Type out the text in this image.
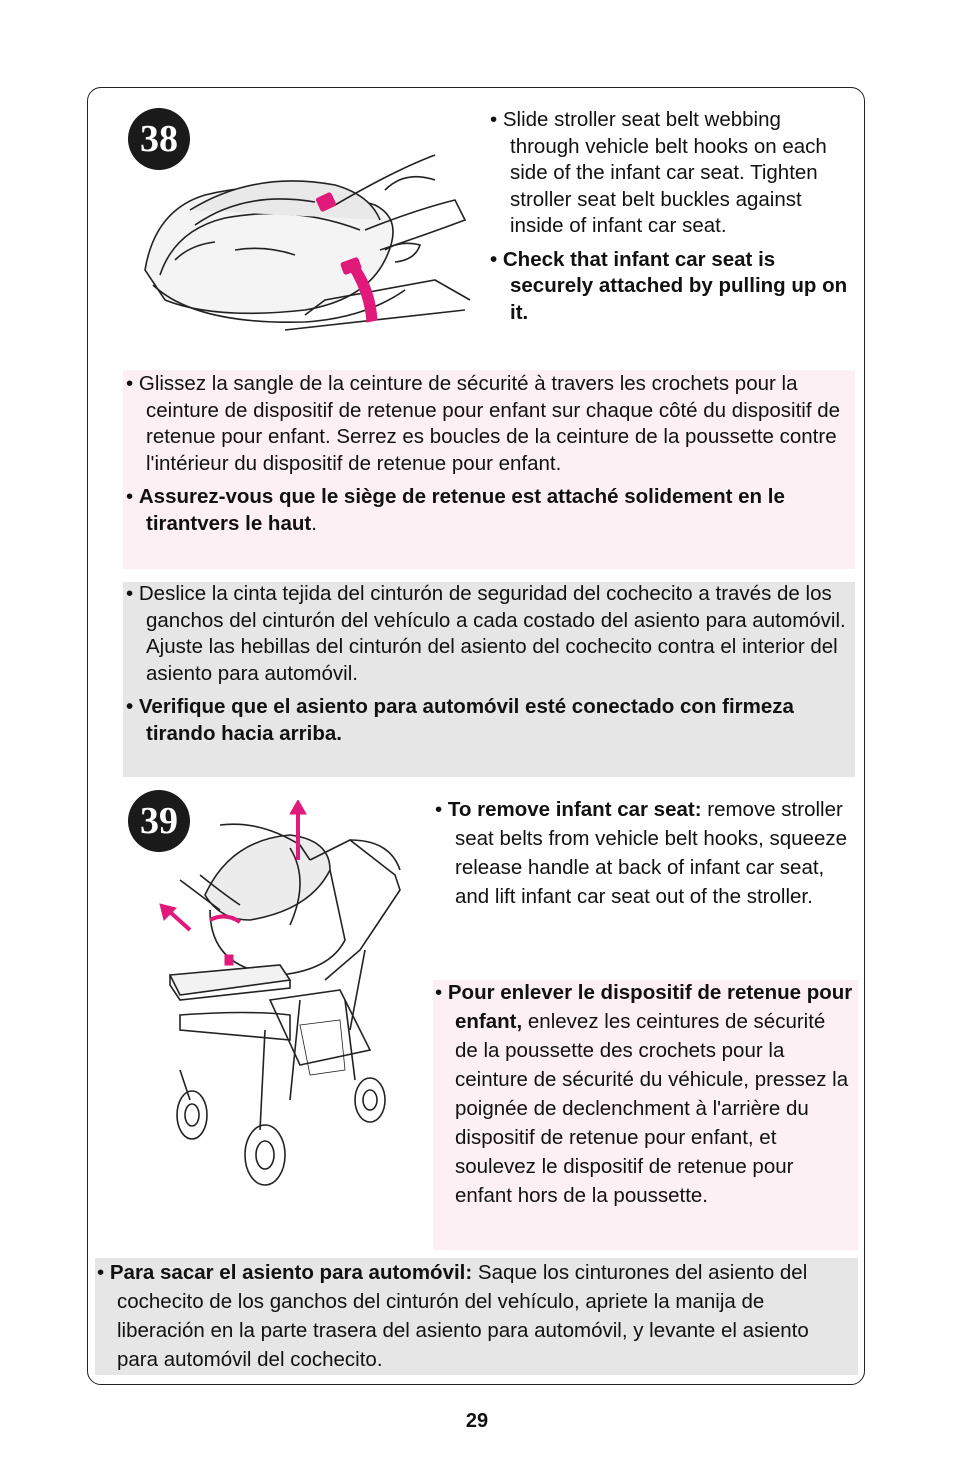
38	• Slide stroller seat belt webbing through vehicle belt hooks on each side of the infant car seat. Tighten stroller seat belt buckles against inside of infant car seat.

• Check that infant car seat is securely attached by pulling up on it.

• Glissez la sangle de la ceinture de sécurité à travers les crochets pour la ceinture de dispositif de retenue pour enfant sur chaque côté du dispositif de retenue pour enfant. Serrez es boucles de la ceinture de la poussette contre l'intérieur du dispositif de retenue pour enfant.

• Assurez-vous que le siège de retenue est attaché solidement en le tirantvers le haut.

• Deslice la cinta tejida del cinturón de seguridad del cochecito a través de los ganchos del cinturón del vehículo a cada costado del asiento para automóvil. Ajuste las hebillas del cinturón del asiento del cochecito contra el interior del asiento para automóvil.

• Verifique que el asiento para automóvil esté conectado con firmeza tirando hacia arriba.

39	• To remove infant car seat: remove stroller seat belts from vehicle belt hooks, squeeze release handle at back of infant car seat, and lift infant car seat out of the stroller.

• Pour enlever le dispositif de retenue pour enfant, enlevez les ceintures de sécurité de la poussette des crochets pour la ceinture de sécurité du véhicule, pressez la poignée de declenchment à l'arrière du dispositif de retenue pour enfant, et soulevez le dispositif de retenue pour enfant hors de la poussette.

• Para sacar el asiento para automóvil: Saque los cinturones del asiento del cochecito de los ganchos del cinturón del vehículo, apriete la manija de liberación en la parte trasera del asiento para automóvil, y levante el asiento para automóvil del cochecito.

29
